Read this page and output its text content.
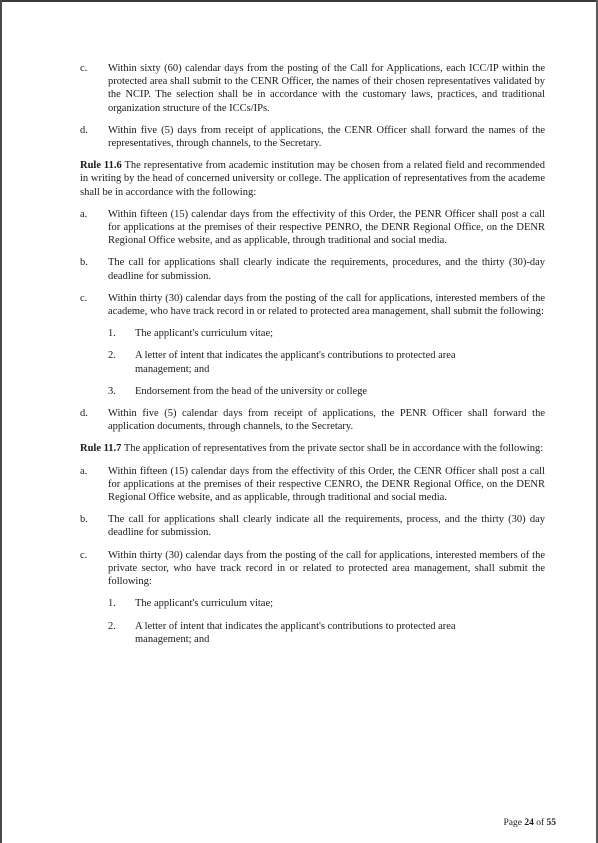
c.	Within sixty (60) calendar days from the posting of the Call for Applications, each ICC/IP within the protected area shall submit to the CENR Officer, the names of their chosen representatives validated by the NCIP. The selection shall be in accordance with the customary laws, practices, and traditional organization structure of the ICCs/IPs.
d.	Within five (5) days from receipt of applications, the CENR Officer shall forward the names of the representatives, through channels, to the Secretary.
Rule 11.6 The representative from academic institution may be chosen from a related field and recommended in writing by the head of concerned university or college. The application of representatives from the academe shall be in accordance with the following:
a.	Within fifteen (15) calendar days from the effectivity of this Order, the PENR Officer shall post a call for applications at the premises of their respective PENRO, the DENR Regional Office, on the DENR Regional Office website, and as applicable, through traditional and social media.
b.	The call for applications shall clearly indicate the requirements, procedures, and the thirty (30)-day deadline for submission.
c.	Within thirty (30) calendar days from the posting of the call for applications, interested members of the academe, who have track record in or related to protected area management, shall submit the following:
1.	The applicant's curriculum vitae;
2.	A letter of intent that indicates the applicant's contributions to protected area management; and
3.	Endorsement from the head of the university or college
d.	Within five (5) calendar days from receipt of applications, the PENR Officer shall forward the application documents, through channels, to the Secretary.
Rule 11.7 The application of representatives from the private sector shall be in accordance with the following:
a.	Within fifteen (15) calendar days from the effectivity of this Order, the CENR Officer shall post a call for applications at the premises of their respective CENRO, the DENR Regional Office, on the DENR Regional Office website, and as applicable, through traditional and social media.
b.	The call for applications shall clearly indicate all the requirements, process, and the thirty (30) day deadline for submission.
c.	Within thirty (30) calendar days from the posting of the call for applications, interested members of the private sector, who have track record in or related to protected area management, shall submit the following:
1.	The applicant's curriculum vitae;
2.	A letter of intent that indicates the applicant's contributions to protected area management; and
Page 24 of 55
